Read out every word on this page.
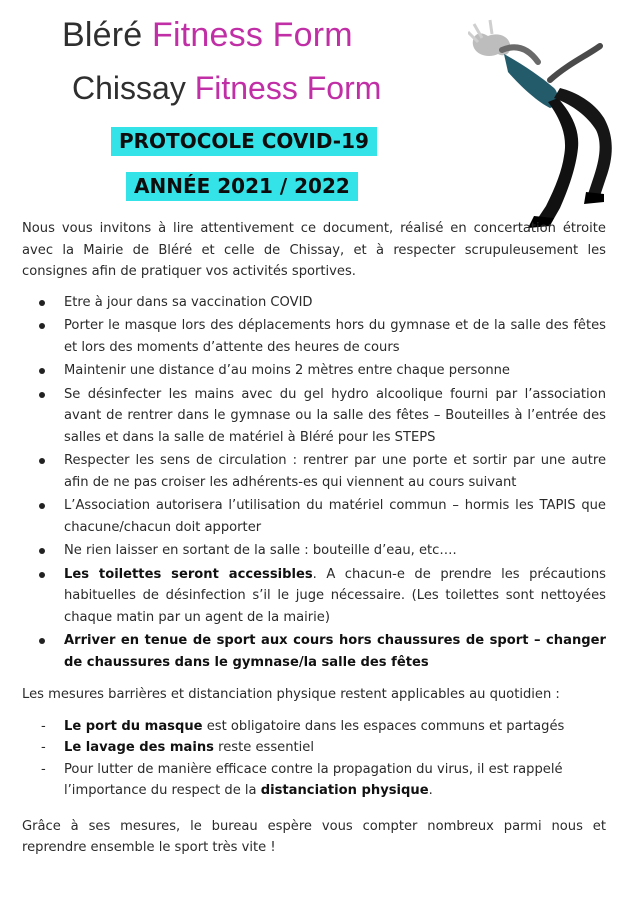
Bléré Fitness Form
Chissay Fitness Form
PROTOCOLE COVID-19
ANNÉE 2021 / 2022

Nous vous invitons à lire attentivement ce document, réalisé en concertation étroite avec la Mairie de Bléré et celle de Chissay, et à respecter scrupuleusement les consignes afin de pratiquer vos activités sportives.

Etre à jour dans sa vaccination COVID
Porter le masque lors des déplacements hors du gymnase et de la salle des fêtes et lors des moments d’attente des heures de cours
Maintenir une distance d’au moins 2 mètres entre chaque personne
Se désinfecter les mains avec du gel hydro alcoolique fourni par l’association avant de rentrer dans le gymnase ou la salle des fêtes – Bouteilles à l’entrée des salles et dans la salle de matériel à Bléré pour les STEPS
Respecter les sens de circulation : rentrer par une porte et sortir par une autre afin de ne pas croiser les adhérents-es qui viennent au cours suivant
L’Association autorisera l’utilisation du matériel commun – hormis les TAPIS que chacune/chacun doit apporter
Ne rien laisser en sortant de la salle : bouteille d’eau, etc….
Les toilettes seront accessibles. A chacun-e de prendre les précautions habituelles de désinfection s’il le juge nécessaire. (Les toilettes sont nettoyées chaque matin par un agent de la mairie)
Arriver en tenue de sport aux cours hors chaussures de sport – changer de chaussures dans le gymnase/la salle des fêtes

Les mesures barrières et distanciation physique restent applicables au quotidien :

- Le port du masque est obligatoire dans les espaces communs et partagés
- Le lavage des mains reste essentiel
- Pour lutter de manière efficace contre la propagation du virus, il est rappelé l’importance du respect de la distanciation physique.

Grâce à ses mesures, le bureau espère vous compter nombreux parmi nous et reprendre ensemble le sport très vite !
